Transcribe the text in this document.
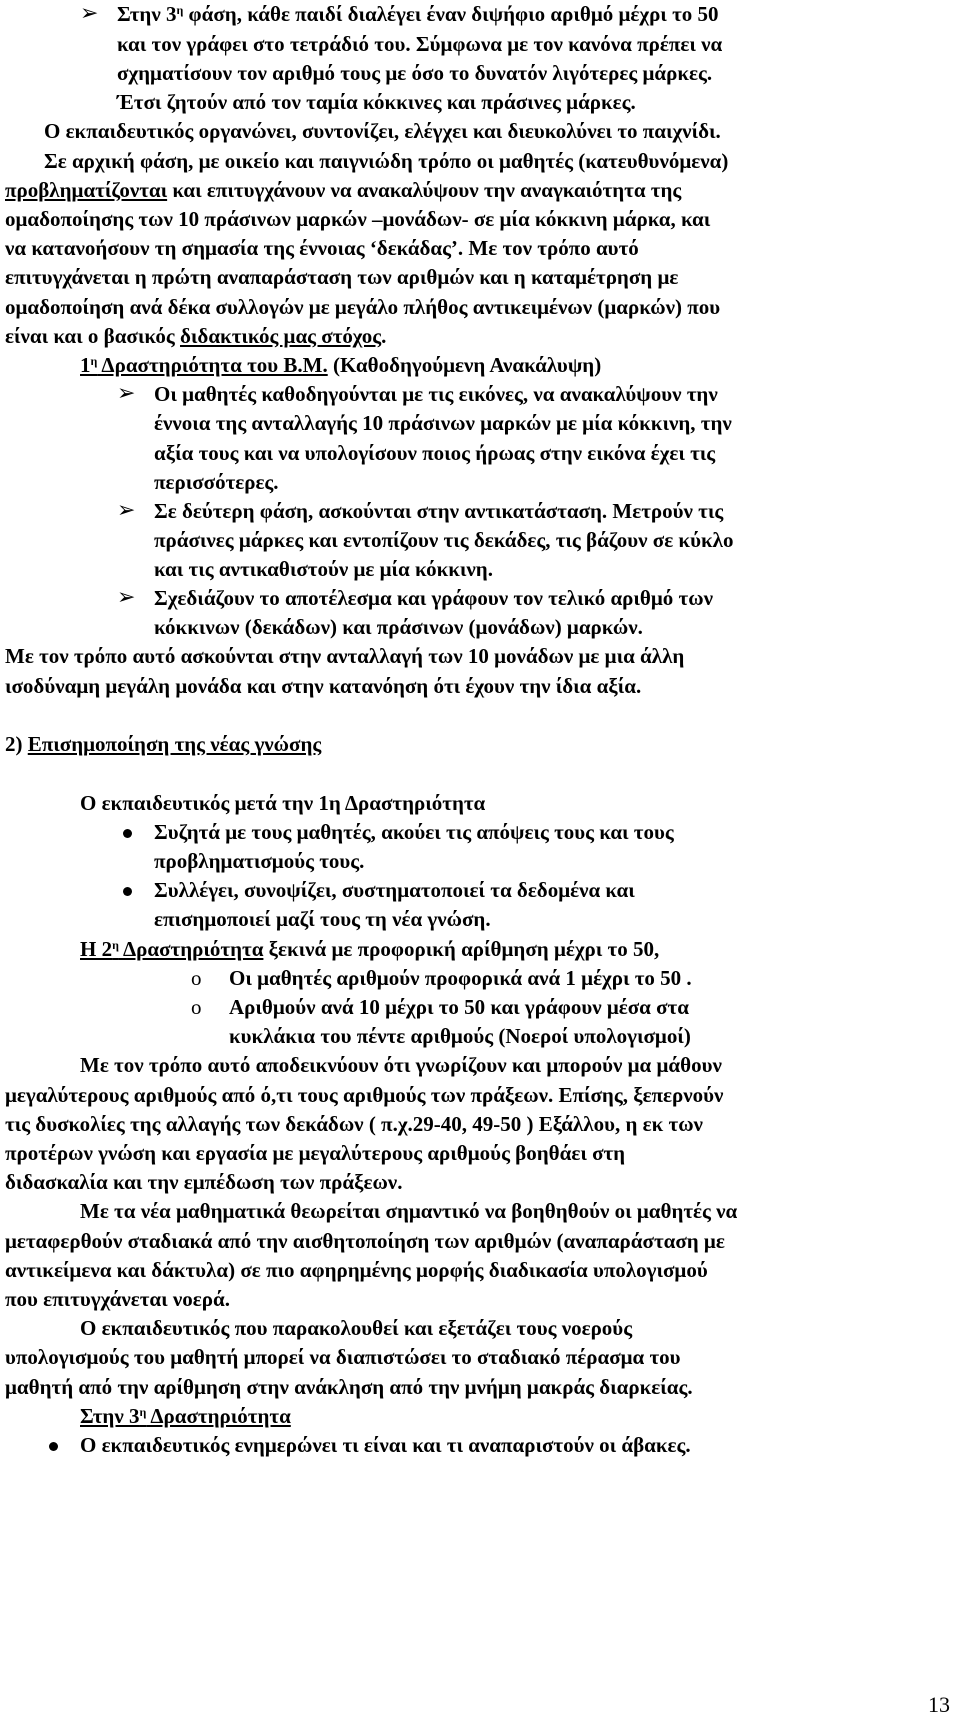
➢ Στην $3^\eta$ φάση, κάθε παιδί διαλέγει έναν διψήφιο αριθμό μέχρι το 50
και τον γράφει στο τετράδιό του. Σύμφωνα με τον κανόνα πρέπει να
σχηματίσουν τον αριθμό τους με όσο το δυνατόν λιγότερες μάρκες.
Έτσι ζητούν από τον ταμία κόκκινες και πράσινες μάρκες.
Ο εκπαιδευτικός οργανώνει, συντονίζει, ελέγχει και διευκολύνει το παιχνίδι.
Σε αρχική φάση, με οικείο και παιγνιώδη τρόπο οι μαθητές (κατευθυνόμενα)
προβληματίζονται και επιτυγχάνουν να ανακαλύψουν την αναγκαιότητα της
ομαδοποίησης των 10 πράσινων μαρκών –μονάδων- σε μία κόκκινη μάρκα, και
να κατανοήσουν τη σημασία της έννοιας ‘δεκάδας’. Με τον τρόπο αυτό
επιτυγχάνεται η πρώτη αναπαράσταση των αριθμών και η καταμέτρηση με
ομαδοποίηση ανά δέκα συλλογών με μεγάλο πλήθος αντικειμένων (μαρκών) που
είναι και ο βασικός διδακτικός μας στόχος.
$1^\eta$ Δραστηριότητα του Β.Μ. (Καθοδηγούμενη Ανακάλυψη)
➢ Οι μαθητές καθοδηγούνται με τις εικόνες, να ανακαλύψουν την
έννοια της ανταλλαγής 10 πράσινων μαρκών με μία κόκκινη, την
αξία τους και να υπολογίσουν ποιος ήρωας στην εικόνα έχει τις
περισσότερες.
➢ Σε δεύτερη φάση, ασκούνται στην αντικατάσταση. Μετρούν τις
πράσινες μάρκες και εντοπίζουν τις δεκάδες, τις βάζουν σε κύκλο
και τις αντικαθιστούν με μία κόκκινη.
➢ Σχεδιάζουν το αποτέλεσμα και γράφουν τον τελικό αριθμό των
κόκκινων (δεκάδων) και πράσινων (μονάδων) μαρκών.
Με τον τρόπο αυτό ασκούνται στην ανταλλαγή των 10 μονάδων με μια άλλη
ισοδύναμη μεγάλη μονάδα και στην κατανόηση ότι έχουν την ίδια αξία.
2) Επισημοποίηση της νέας γνώσης
Ο εκπαιδευτικός μετά την 1η Δραστηριότητα
Συζητά με τους μαθητές, ακούει τις απόψεις τους και τους
προβληματισμούς τους.
Συλλέγει, συνοψίζει, συστηματοποιεί τα δεδομένα και
επισημοποιεί μαζί τους τη νέα γνώση.
Η $2^\eta$ Δραστηριότητα ξεκινά με προφορική αρίθμηση μέχρι το 50,
o Οι μαθητές αριθμούν προφορικά ανά 1 μέχρι το 50 .
o Αριθμούν ανά 10 μέχρι το 50 και γράφουν μέσα στα
κυκλάκια του πέντε αριθμούς (Νοεροί υπολογισμοί)
Με τον τρόπο αυτό αποδεικνύουν ότι γνωρίζουν και μπορούν μα μάθουν
μεγαλύτερους αριθμούς από ό,τι τους αριθμούς των πράξεων. Επίσης, ξεπερνούν
τις δυσκολίες της αλλαγής των δεκάδων ( π.χ.29-40, 49-50 ) Εξάλλου, η εκ των
προτέρων γνώση και εργασία με μεγαλύτερους αριθμούς βοηθάει στη
διδασκαλία και την εμπέδωση των πράξεων.
Με τα νέα μαθηματικά θεωρείται σημαντικό να βοηθηθούν οι μαθητές να
μεταφερθούν σταδιακά από την αισθητοποίηση των αριθμών (αναπαράσταση με
αντικείμενα και δάκτυλα) σε πιο αφηρημένης μορφής διαδικασία υπολογισμού
που επιτυγχάνεται νοερά.
Ο εκπαιδευτικός που παρακολουθεί και εξετάζει τους νοερούς
υπολογισμούς του μαθητή μπορεί να διαπιστώσει το σταδιακό πέρασμα του
μαθητή από την αρίθμηση στην ανάκληση από την μνήμη μακράς διαρκείας.
Στην $3^\eta$ Δραστηριότητα
Ο εκπαιδευτικός ενημερώνει τι είναι και τι αναπαριστούν οι άβακες.
13
